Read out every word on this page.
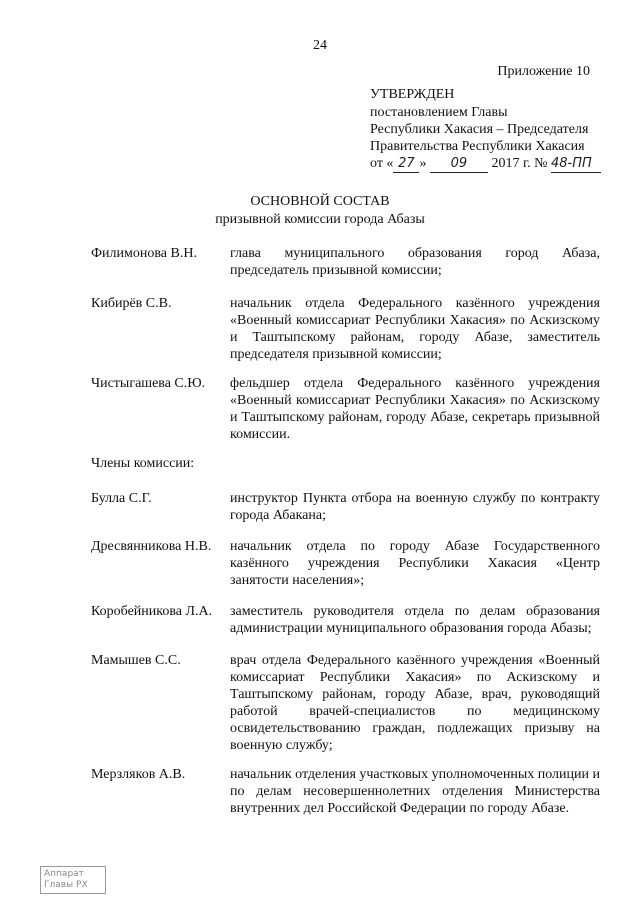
24
Приложение 10
УТВЕРЖДЕН
постановлением Главы
Республики Хакасия – Председателя
Правительства Республики Хакасия
от « 27 » 09 2017 г. № 48-ПП
ОСНОВНОЙ СОСТАВ
призывной комиссии города Абазы
Филимонова В.Н.	глава муниципального образования город Абаза, председатель призывной комиссии;
Кибирёв С.В.	начальник отдела Федерального казённого учреждения «Военный комиссариат Республики Хакасия» по Аскизскому и Таштыпскому районам, городу Абазе, заместитель председателя призывной комиссии;
Чистыгашева С.Ю.	фельдшер отдела Федерального казённого учреждения «Военный комиссариат Республики Хакасия» по Аскизскому и Таштыпскому районам, городу Абазе, секретарь призывной комиссии.
Члены комиссии:
Булла С.Г.	инструктор Пункта отбора на военную службу по контракту города Абакана;
Дресвянникова Н.В.	начальник отдела по городу Абазе Государственного казённого учреждения Республики Хакасия «Центр занятости населения»;
Коробейникова Л.А.	заместитель руководителя отдела по делам образования администрации муниципального образования города Абазы;
Мамышев С.С.	врач отдела Федерального казённого учреждения «Военный комиссариат Республики Хакасия» по Аскизскому и Таштыпскому районам, городу Абазе, врач, руководящий работой врачей-специалистов по медицинскому освидетельствованию граждан, подлежащих призыву на военную службу;
Мерзляков А.В.	начальник отделения участковых уполномоченных полиции и по делам несовершеннолетних отделения Министерства внутренних дел Российской Федерации по городу Абазе.
Аппарат
Главы РХ
